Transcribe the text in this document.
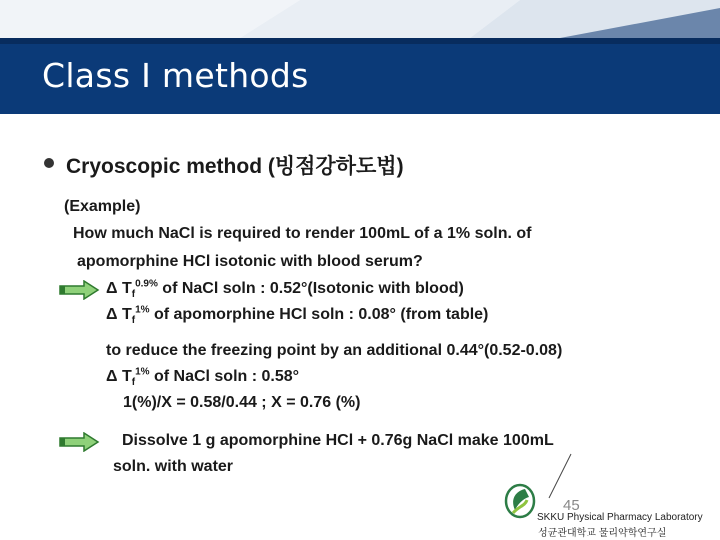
Class I methods
Cryoscopic method (빙점강하도법)
(Example)
How much NaCl is required to render 100mL of a 1% soln. of
apomorphine HCl isotonic with blood serum?
Δ $T_f^{0.9\%}$ of NaCl soln : 0.52°(Isotonic with blood)
Δ $T_f^{1\%}$ of apomorphine HCl soln : 0.08° (from table)
to reduce the freezing point by an additional 0.44°(0.52-0.08)
Δ $T_f^{1\%}$ of NaCl soln : 0.58°
1(%)/X = 0.58/0.44 ; X = 0.76 (%)
Dissolve 1 g apomorphine HCl + 0.76g NaCl make 100mL
soln. with water
45
SKKU Physical Pharmacy Laboratory
성균관대학교 물리약학연구실
